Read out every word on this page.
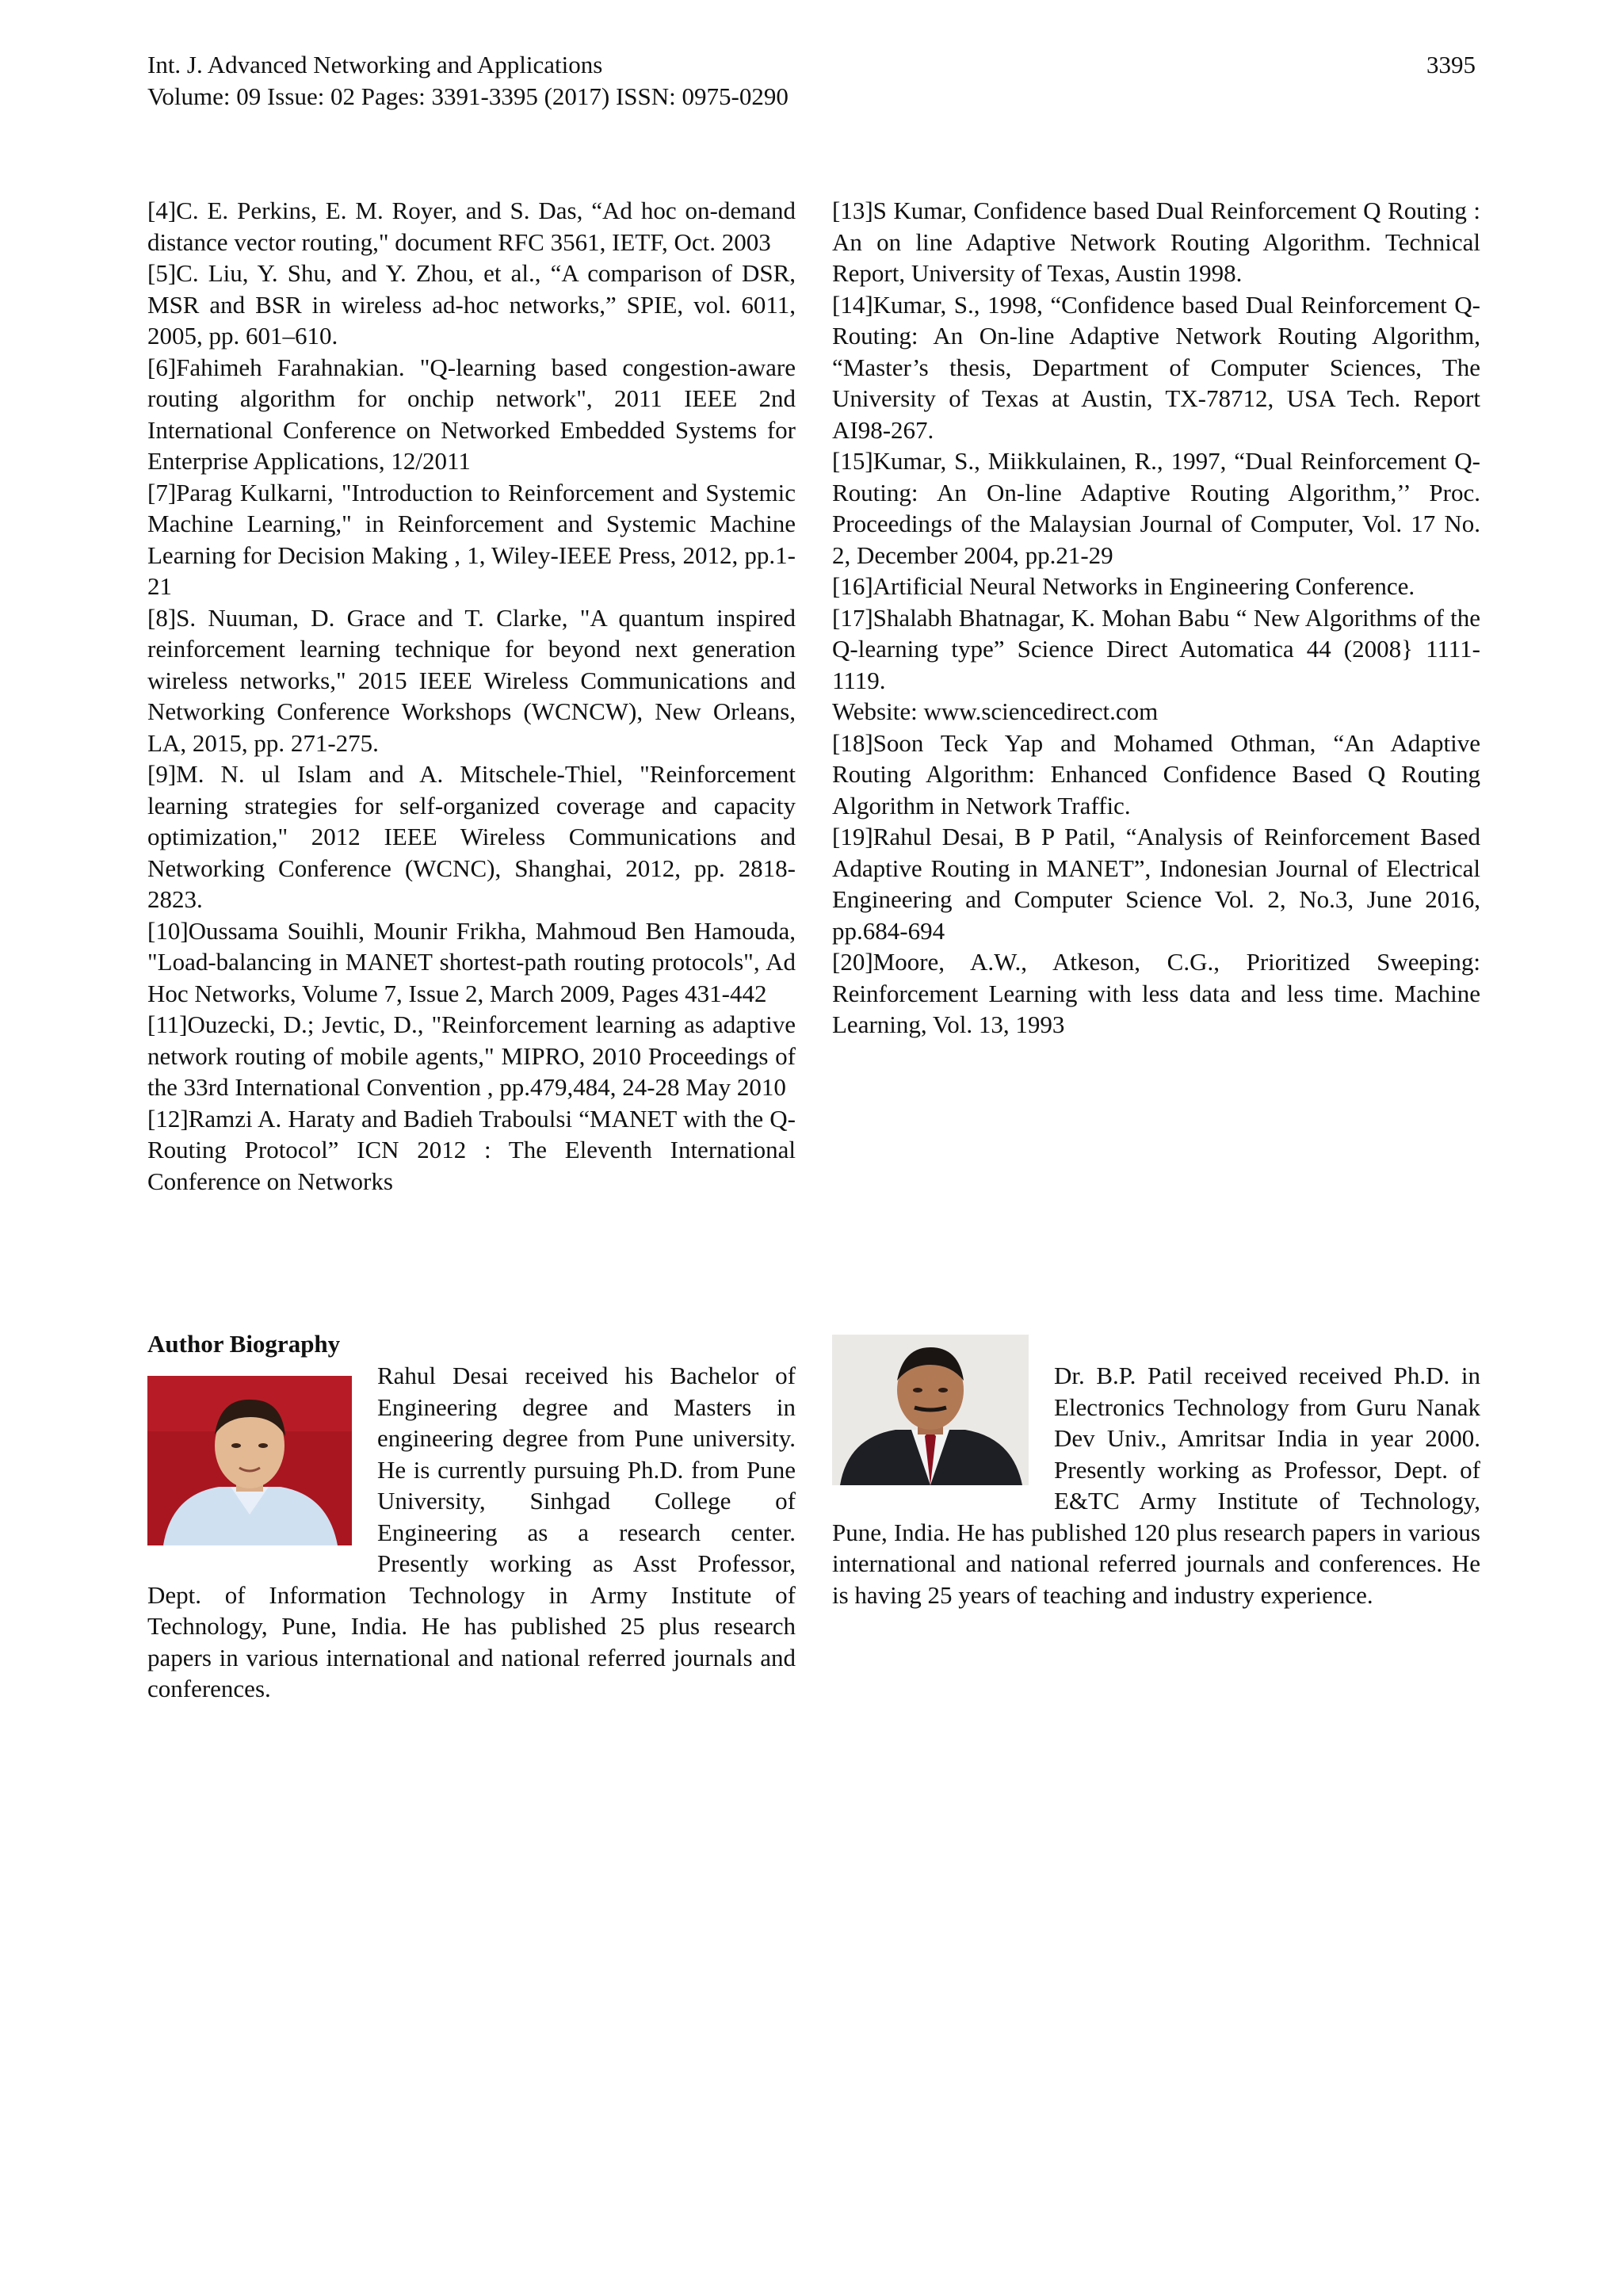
Int. J. Advanced Networking and Applications
Volume: 09 Issue: 02 Pages: 3391-3395 (2017) ISSN: 0975-0290
3395

[4]C. E. Perkins, E. M. Royer, and S. Das, “Ad hoc on-demand distance vector routing," document RFC 3561, IETF, Oct. 2003

[5]C. Liu, Y. Shu, and Y. Zhou, et al., “A comparison of DSR, MSR and BSR in wireless ad-hoc networks,” SPIE, vol. 6011, 2005, pp. 601–610.

[6]Fahimeh Farahnakian. "Q-learning based congestion-aware routing algorithm for onchip network", 2011 IEEE 2nd International Conference on Networked Embedded Systems for Enterprise Applications, 12/2011

[7]Parag Kulkarni, "Introduction to Reinforcement and Systemic Machine Learning," in Reinforcement and Systemic Machine Learning for Decision Making , 1, Wiley-IEEE Press, 2012, pp.1-21

[8]S. Nuuman, D. Grace and T. Clarke, "A quantum inspired reinforcement learning technique for beyond next generation wireless networks," 2015 IEEE Wireless Communications and Networking Conference Workshops (WCNCW), New Orleans, LA, 2015, pp. 271-275.

[9]M. N. ul Islam and A. Mitschele-Thiel, "Reinforcement learning strategies for self-organized coverage and capacity optimization," 2012 IEEE Wireless Communications and Networking Conference (WCNC), Shanghai, 2012, pp. 2818-2823.

[10]Oussama Souihli, Mounir Frikha, Mahmoud Ben Hamouda, "Load-balancing in MANET shortest-path routing protocols", Ad Hoc Networks, Volume 7, Issue 2, March 2009, Pages 431-442

[11]Ouzecki, D.; Jevtic, D., "Reinforcement learning as adaptive network routing of mobile agents," MIPRO, 2010 Proceedings of the 33rd International Convention , pp.479,484, 24-28 May 2010

[12]Ramzi A. Haraty and Badieh Traboulsi “MANET with the Q-Routing Protocol” ICN 2012 : The Eleventh International Conference on Networks

[13]S Kumar, Confidence based Dual Reinforcement Q Routing : An on line Adaptive Network Routing Algorithm. Technical Report, University of Texas, Austin 1998.

[14]Kumar, S., 1998, “Confidence based Dual Reinforcement Q-Routing: An On-line Adaptive Network Routing Algorithm, “Master’s thesis, Department of Computer Sciences, The University of Texas at Austin, TX-78712, USA Tech. Report AI98-267.

[15]Kumar, S., Miikkulainen, R., 1997, “Dual Reinforcement Q-Routing: An On-line Adaptive Routing Algorithm,’’ Proc. Proceedings of the Malaysian Journal of Computer, Vol. 17 No. 2, December 2004, pp.21-29

[16]Artificial Neural Networks in Engineering Conference.

[17]Shalabh Bhatnagar, K. Mohan Babu “ New Algorithms of the Q-learning type” Science Direct Automatica 44 (2008} 1111-1119.

Website: www.sciencedirect.com

[18]Soon Teck Yap and Mohamed Othman, “An Adaptive Routing Algorithm: Enhanced Confidence Based Q Routing Algorithm in Network Traffic.

[19]Rahul Desai, B P Patil, “Analysis of Reinforcement Based Adaptive Routing in MANET”, Indonesian Journal of Electrical Engineering and Computer Science Vol. 2, No.3, June 2016, pp.684-694

[20]Moore, A.W., Atkeson, C.G., Prioritized Sweeping: Reinforcement Learning with less data and less time. Machine Learning, Vol. 13, 1993

Author Biography
Rahul Desai received his Bachelor of Engineering degree and Masters in engineering degree from Pune university. He is currently pursuing Ph.D. from Pune University, Sinhgad College of Engineering as a research center. Presently working as Asst Professor, Dept. of Information Technology in Army Institute of Technology, Pune, India. He has published 25 plus research papers in various international and national referred journals and conferences.
Dr. B.P. Patil received received Ph.D. in Electronics Technology from Guru Nanak Dev Univ., Amritsar India in year 2000. Presently working as Professor, Dept. of E&TC Army Institute of Technology, Pune, India. He has published 120 plus research papers in various international and national referred journals and conferences. He is having 25 years of teaching and industry experience.
